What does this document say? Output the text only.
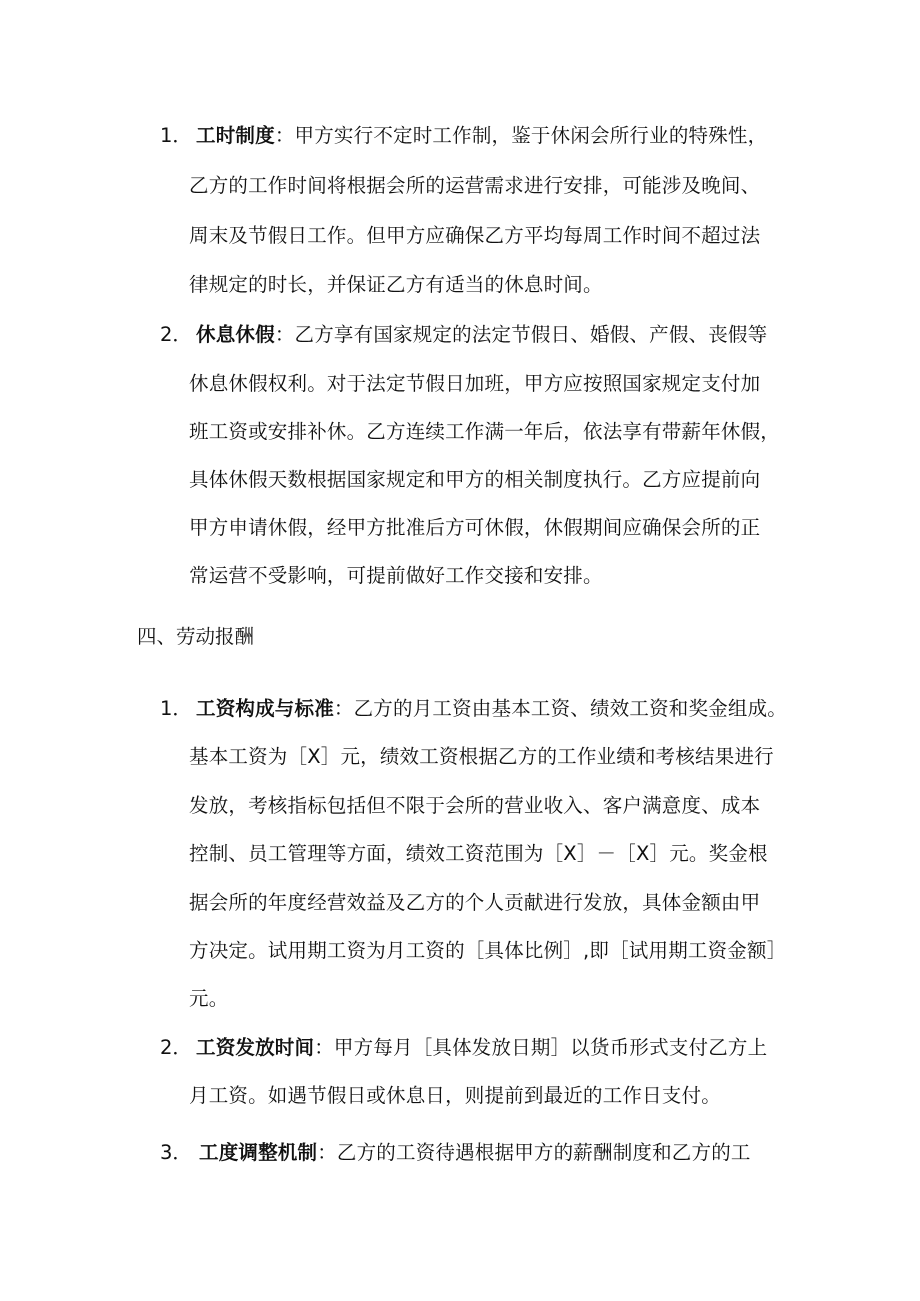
1． 工时制度：甲方实行不定时工作制，鉴于休闲会所行业的特殊性，
乙方的工作时间将根据会所的运营需求进行安排，可能涉及晚间、
周末及节假日工作。但甲方应确保乙方平均每周工作时间不超过法
律规定的时长，并保证乙方有适当的休息时间。
2． 休息休假：乙方享有国家规定的法定节假日、婚假、产假、丧假等
休息休假权利。对于法定节假日加班，甲方应按照国家规定支付加
班工资或安排补休。乙方连续工作满一年后，依法享有带薪年休假，
具体休假天数根据国家规定和甲方的相关制度执行。乙方应提前向
甲方申请休假，经甲方批准后方可休假，休假期间应确保会所的正
常运营不受影响，可提前做好工作交接和安排。
四、劳动报酬
1． 工资构成与标准：乙方的月工资由基本工资、绩效工资和奖金组成。
基本工资为［X］元，绩效工资根据乙方的工作业绩和考核结果进行
发放，考核指标包括但不限于会所的营业收入、客户满意度、成本
控制、员工管理等方面，绩效工资范围为［X］－［X］元。奖金根
据会所的年度经营效益及乙方的个人贡献进行发放，具体金额由甲
方决定。试用期工资为月工资的［具体比例］,即［试用期工资金额］
元。
2． 工资发放时间：甲方每月［具体发放日期］以货币形式支付乙方上
月工资。如遇节假日或休息日，则提前到最近的工作日支付。
3． 工度调整机制：乙方的工资待遇根据甲方的薪酬制度和乙方的工
